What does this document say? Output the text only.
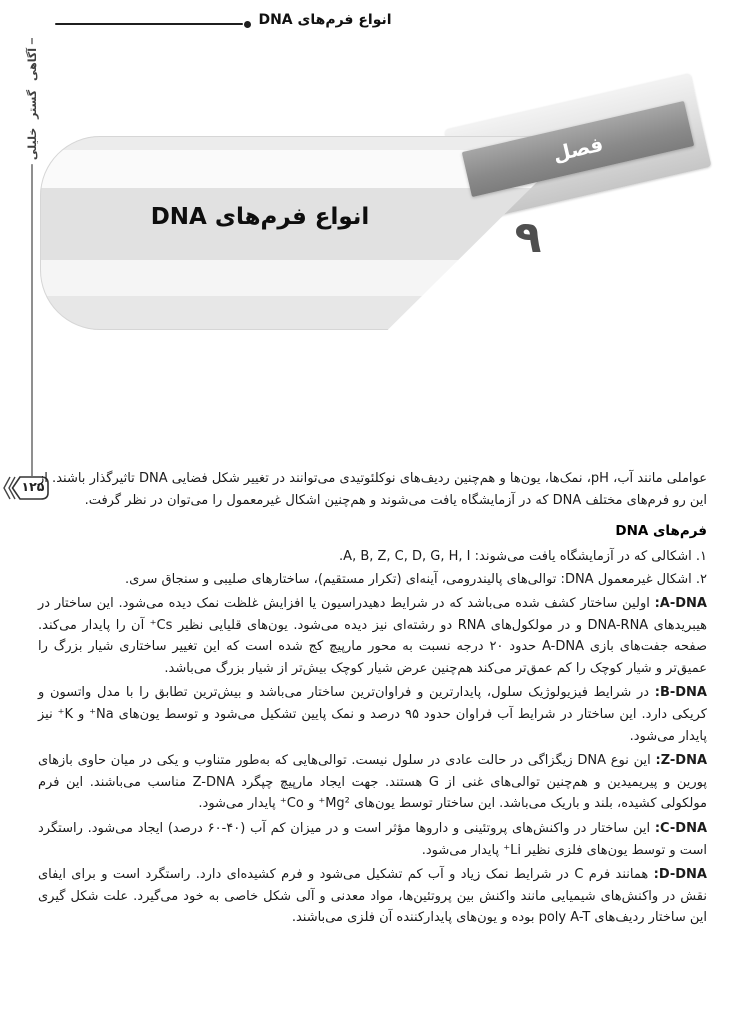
انواع فرم‌های DNA
آگاهی گستر خلیلی
۱۲۵
فصل
۹
انواع فرم‌های DNA

عواملی مانند آب، pH، نمک‌ها، یون‌ها و هم‌چنین ردیف‌های نوکلئوتیدی می‌توانند در تغییر شکل فضایی DNA تاثیرگذار باشند. از این رو فرم‌های مختلف DNA که در آزمایشگاه یافت می‌شوند و هم‌چنین اشکال غیرمعمول را می‌توان در نظر گرفت.

فرم‌های DNA

۱. اشکالی که در آزمایشگاه یافت می‌شوند: A, B, Z, C, D, G, H, I.

۲. اشکال غیرمعمول DNA: توالی‌های پالیندرومی، آینه‌ای (تکرار مستقیم)، ساختارهای صلیبی و سنجاق سری.

A-DNA: اولین ساختار کشف شده می‌باشد که در شرایط دهیدراسیون یا افزایش غلظت نمک دیده می‌شود. این ساختار در هیبریدهای DNA-RNA و در مولکول‌های RNA دو رشته‌ای نیز دیده می‌شود. یون‌های قلیایی نظیر Cs⁺ آن را پایدار می‌کند. صفحه جفت‌های بازی A-DNA حدود ۲۰ درجه نسبت به محور مارپیچ کج شده است که این تغییر ساختاری شیار بزرگ را عمیق‌تر و شیار کوچک را کم عمق‌تر می‌کند هم‌چنین عرض شیار کوچک بیش‌تر از شیار بزرگ می‌باشد.

B-DNA: در شرایط فیزیولوژیک سلول، پایدارترین و فراوان‌ترین ساختار می‌باشد و بیش‌ترین تطابق را با مدل واتسون و کریکی دارد. این ساختار در شرایط آب فراوان حدود ۹۵ درصد و نمک پایین تشکیل می‌شود و توسط یون‌های Na⁺ و K⁺ نیز پایدار می‌شود.

Z-DNA: این نوع DNA زیگزاگی در حالت عادی در سلول نیست. توالی‌هایی که به‌طور متناوب و یکی در میان حاوی بازهای پورین و پیریمیدین و هم‌چنین توالی‌های غنی از G هستند. جهت ایجاد مارپیچ چپگرد Z-DNA مناسب می‌باشند. این فرم مولکولی کشیده، بلند و باریک می‌باشد. این ساختار توسط یون‌های Mg²⁺ و Co⁺ پایدار می‌شود.

C-DNA: این ساختار در واکنش‌های پروتئینی و داروها مؤثر است و در میزان کم آب (۴۰-۶۰ درصد) ایجاد می‌شود. راستگرد است و توسط یون‌های فلزی نظیر Li⁺ پایدار می‌شود.

D-DNA: همانند فرم C در شرایط نمک زیاد و آب کم تشکیل می‌شود و فرم کشیده‌ای دارد. راستگرد است و برای ایفای نقش در واکنش‌های شیمیایی مانند واکنش بین پروتئین‌ها، مواد معدنی و آلی شکل خاصی به خود می‌گیرد. علت شکل گیری این ساختار ردیف‌های poly A-T بوده و یون‌های پایدارکننده آن فلزی می‌باشند.
